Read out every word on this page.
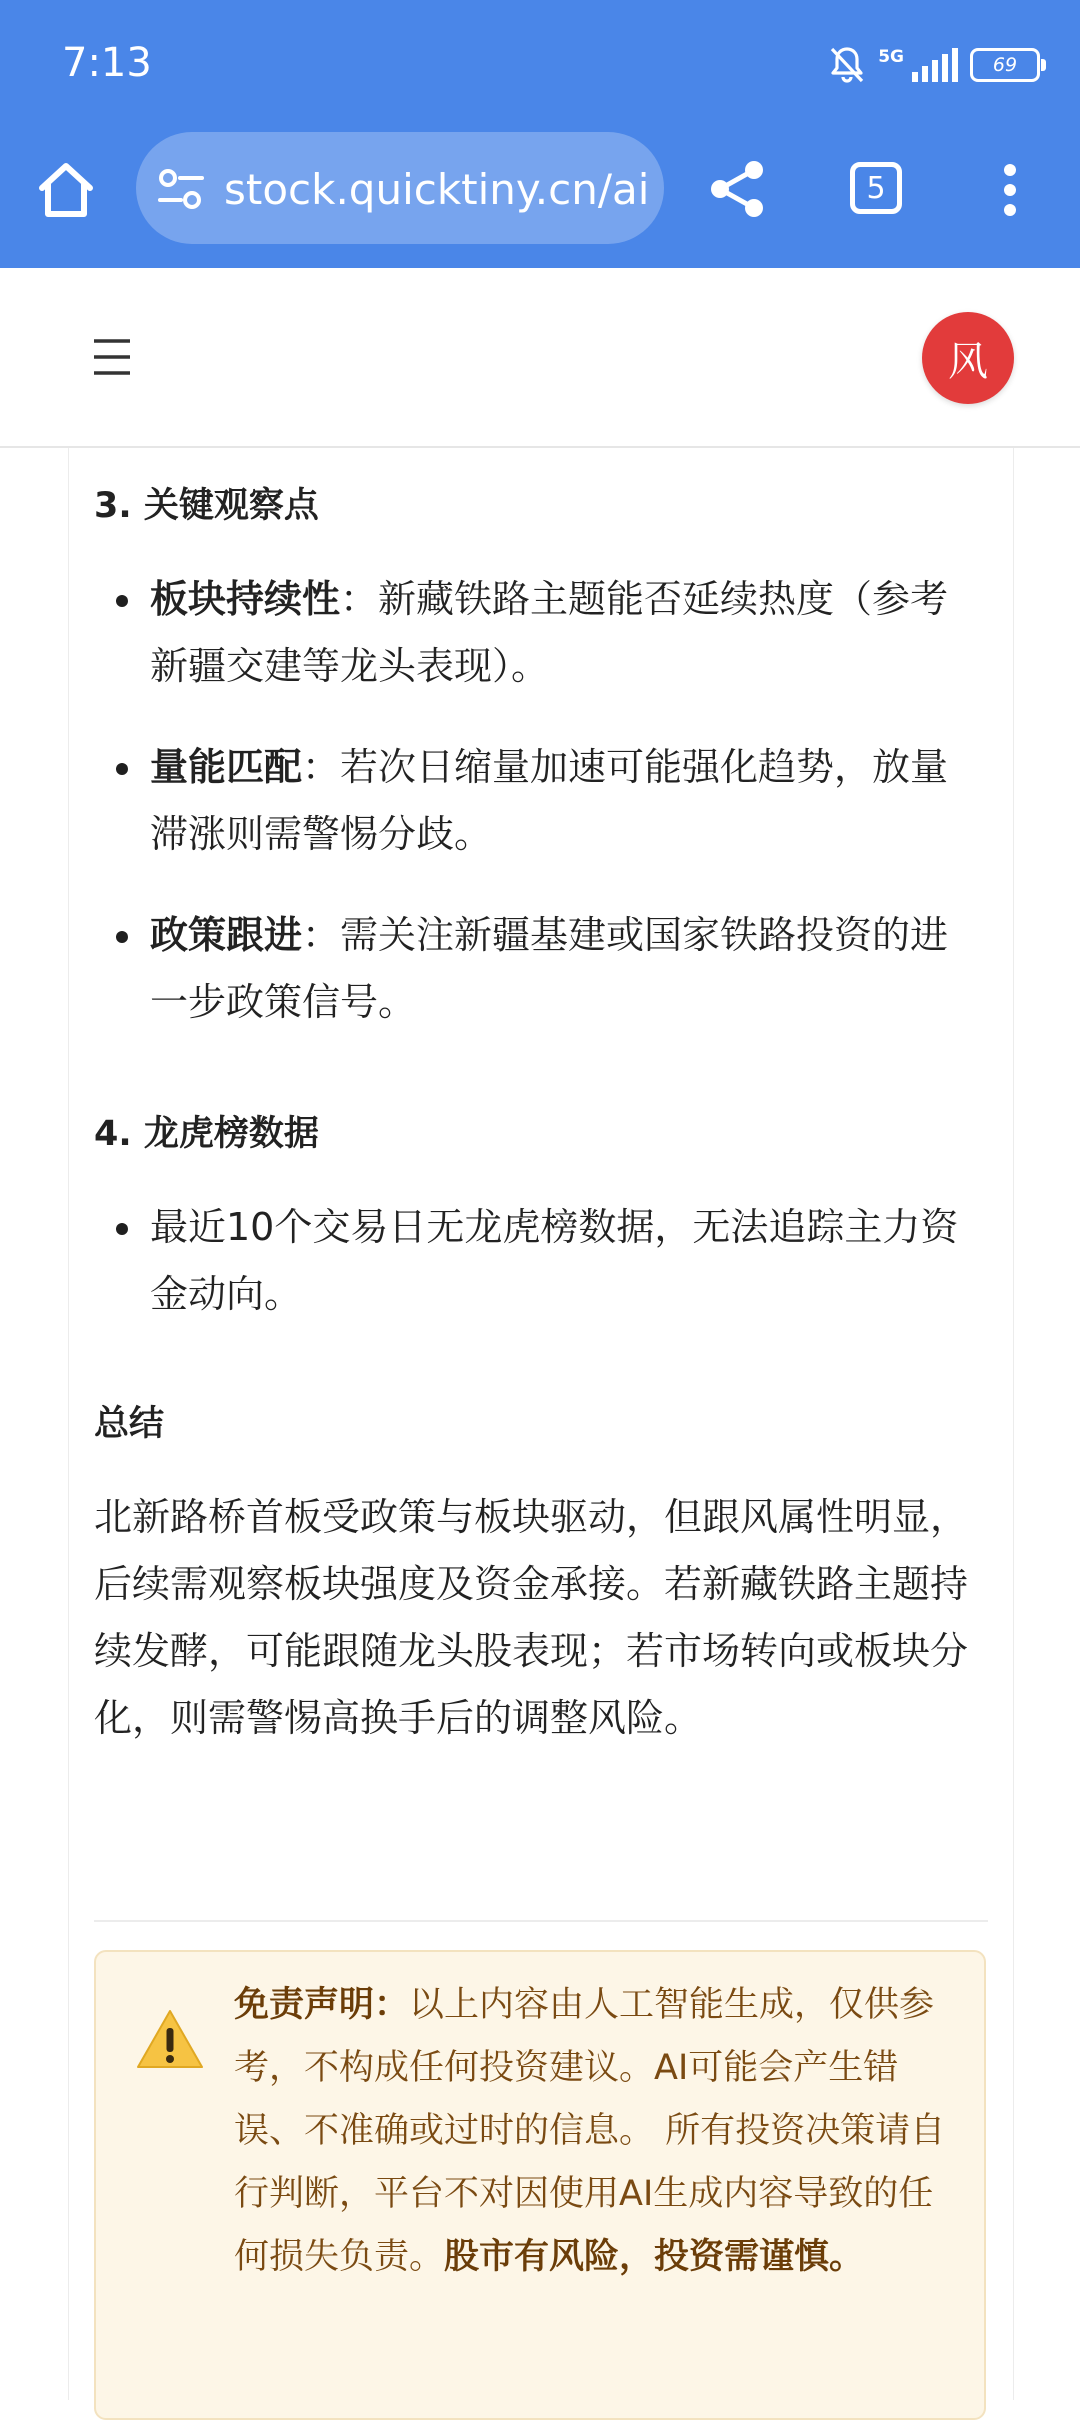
7:13	5G	69
stock.quicktiny.cn/ai	5
风
3. 关键观察点
板块持续性：新藏铁路主题能否延续热度（参考新疆交建等龙头表现）。
量能匹配：若次日缩量加速可能强化趋势，放量滞涨则需警惕分歧。
政策跟进：需关注新疆基建或国家铁路投资的进一步政策信号。
4. 龙虎榜数据
最近10个交易日无龙虎榜数据，无法追踪主力资金动向。
总结

北新路桥首板受政策与板块驱动，但跟风属性明显，后续需观察板块强度及资金承接。若新藏铁路主题持续发酵，可能跟随龙头股表现；若市场转向或板块分化，则需警惕高换手后的调整风险。

免责声明：以上内容由人工智能生成，仅供参考，不构成任何投资建议。AI可能会产生错误、不准确或过时的信息。 所有投资决策请自行判断，平台不对因使用AI生成内容导致的任何损失负责。股市有风险，投资需谨慎。
